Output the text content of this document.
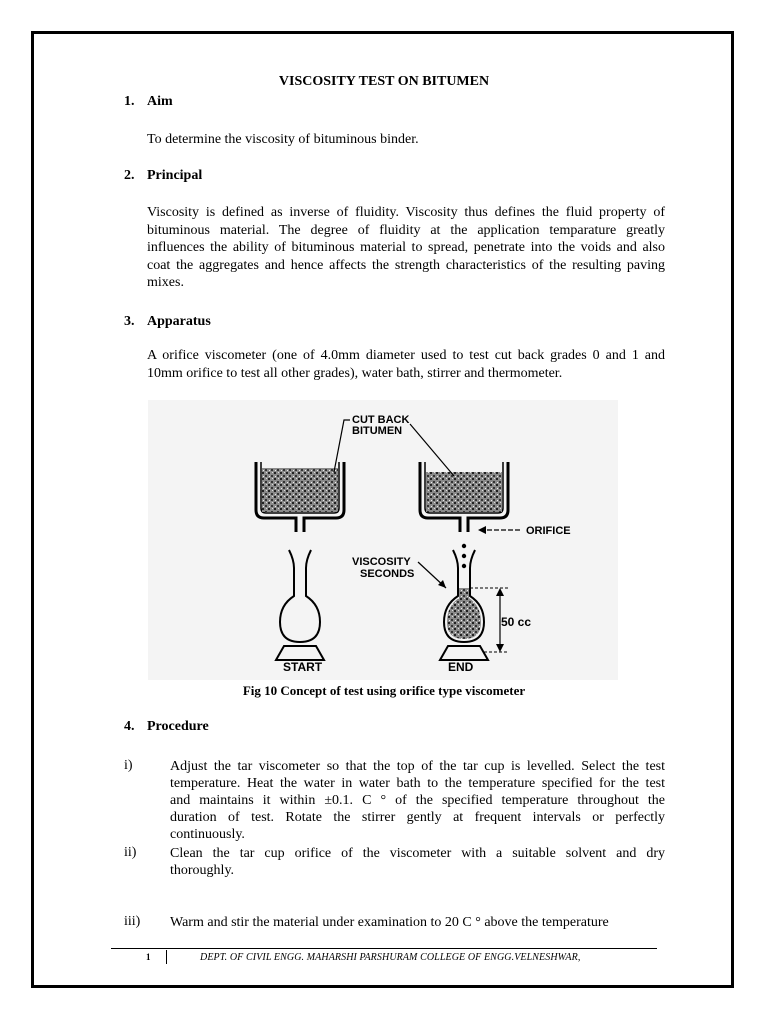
VISCOSITY TEST ON BITUMEN
1. Aim
To determine the viscosity of bituminous binder.
2. Principal
Viscosity is defined as inverse of fluidity. Viscosity thus defines the fluid property of
bituminous material. The degree of fluidity at the application temparature greatly
influences the ability of bituminous material to spread, penetrate into the voids and also
coat the aggregates and hence affects the strength characteristics of the resulting paving
mixes.
3. Apparatus
A orifice viscometer (one of 4.0mm diameter used to test cut back grades 0 and 1 and
10mm orifice to test all other grades), water bath, stirrer and thermometer.
START	END
50 cc
CUT BACK
BITUMEN
ORIFICE
VISCOSITY
SECONDS
Fig 10 Concept of test using orifice type viscometer
4. Procedure
i)	Adjust the tar viscometer so that the top of the tar cup is levelled. Select the test
temperature. Heat the water in water bath to the temperature specified for the test
and maintains it within ±0.1. C ° of the specified temperature throughout the
duration of test. Rotate the stirrer gently at frequent intervals or perfectly
continuously.
ii) Clean the tar cup orifice of the viscometer with a suitable solvent and dry
thoroughly.
iii) Warm and stir the material under examination to 20 C ° above the temperature
1	DEPT. OF CIVIL ENGG. MAHARSHI PARSHURAM COLLEGE OF ENGG.VELNESHWAR,
